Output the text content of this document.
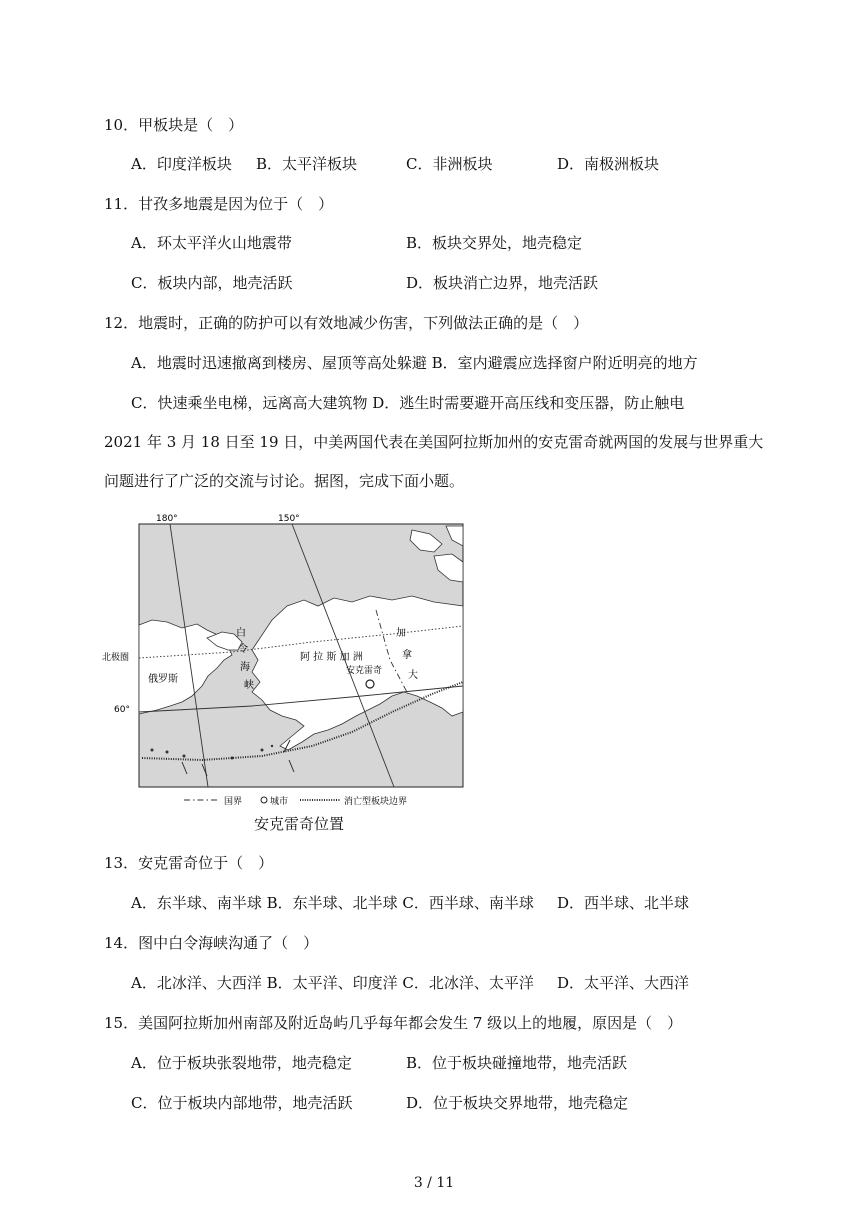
10．甲板块是（　）
A．印度洋板块 B．太平洋板块	C．非洲板块	D．南极洲板块
11．甘孜多地震是因为位于（　）
A．环太平洋火山地震带	B．板块交界处，地壳稳定
C．板块内部，地壳活跃	D．板块消亡边界，地壳活跃
12．地震时，正确的防护可以有效地减少伤害，下列做法正确的是（　）
A．地震时迅速撤离到楼房、屋顶等高处躲避 B．室内避震应选择窗户附近明亮的地方
C．快速乘坐电梯，远离高大建筑物 D．逃生时需要避开高压线和变压器，防止触电
2021 年 3 月 18 日至 19 日，中美两国代表在美国阿拉斯加州的安克雷奇就两国的发展与世界重大
问题进行了广泛的交流与讨论。据图，完成下面小题。
180°	150°
北极圈
60°
俄罗斯
白
令
海
峡
阿 拉 斯 加 洲
加
拿
大
安克雷奇
国界	城市	消亡型板块边界
安克雷奇位置
13．安克雷奇位于（　）
A．东半球、南半球 B．东半球、北半球 C．西半球、南半球 D．西半球、北半球
14．图中白令海峡沟通了（　）
A．北冰洋、大西洋 B．太平洋、印度洋 C．北冰洋、太平洋 D．太平洋、大西洋
15．美国阿拉斯加州南部及附近岛屿几乎每年都会发生 7 级以上的地履，原因是（　）
A．位于板块张裂地带，地壳稳定	B．位于板块碰撞地带，地壳活跃
C．位于板块内部地带，地壳活跃	D．位于板块交界地带，地壳稳定
3 / 11
